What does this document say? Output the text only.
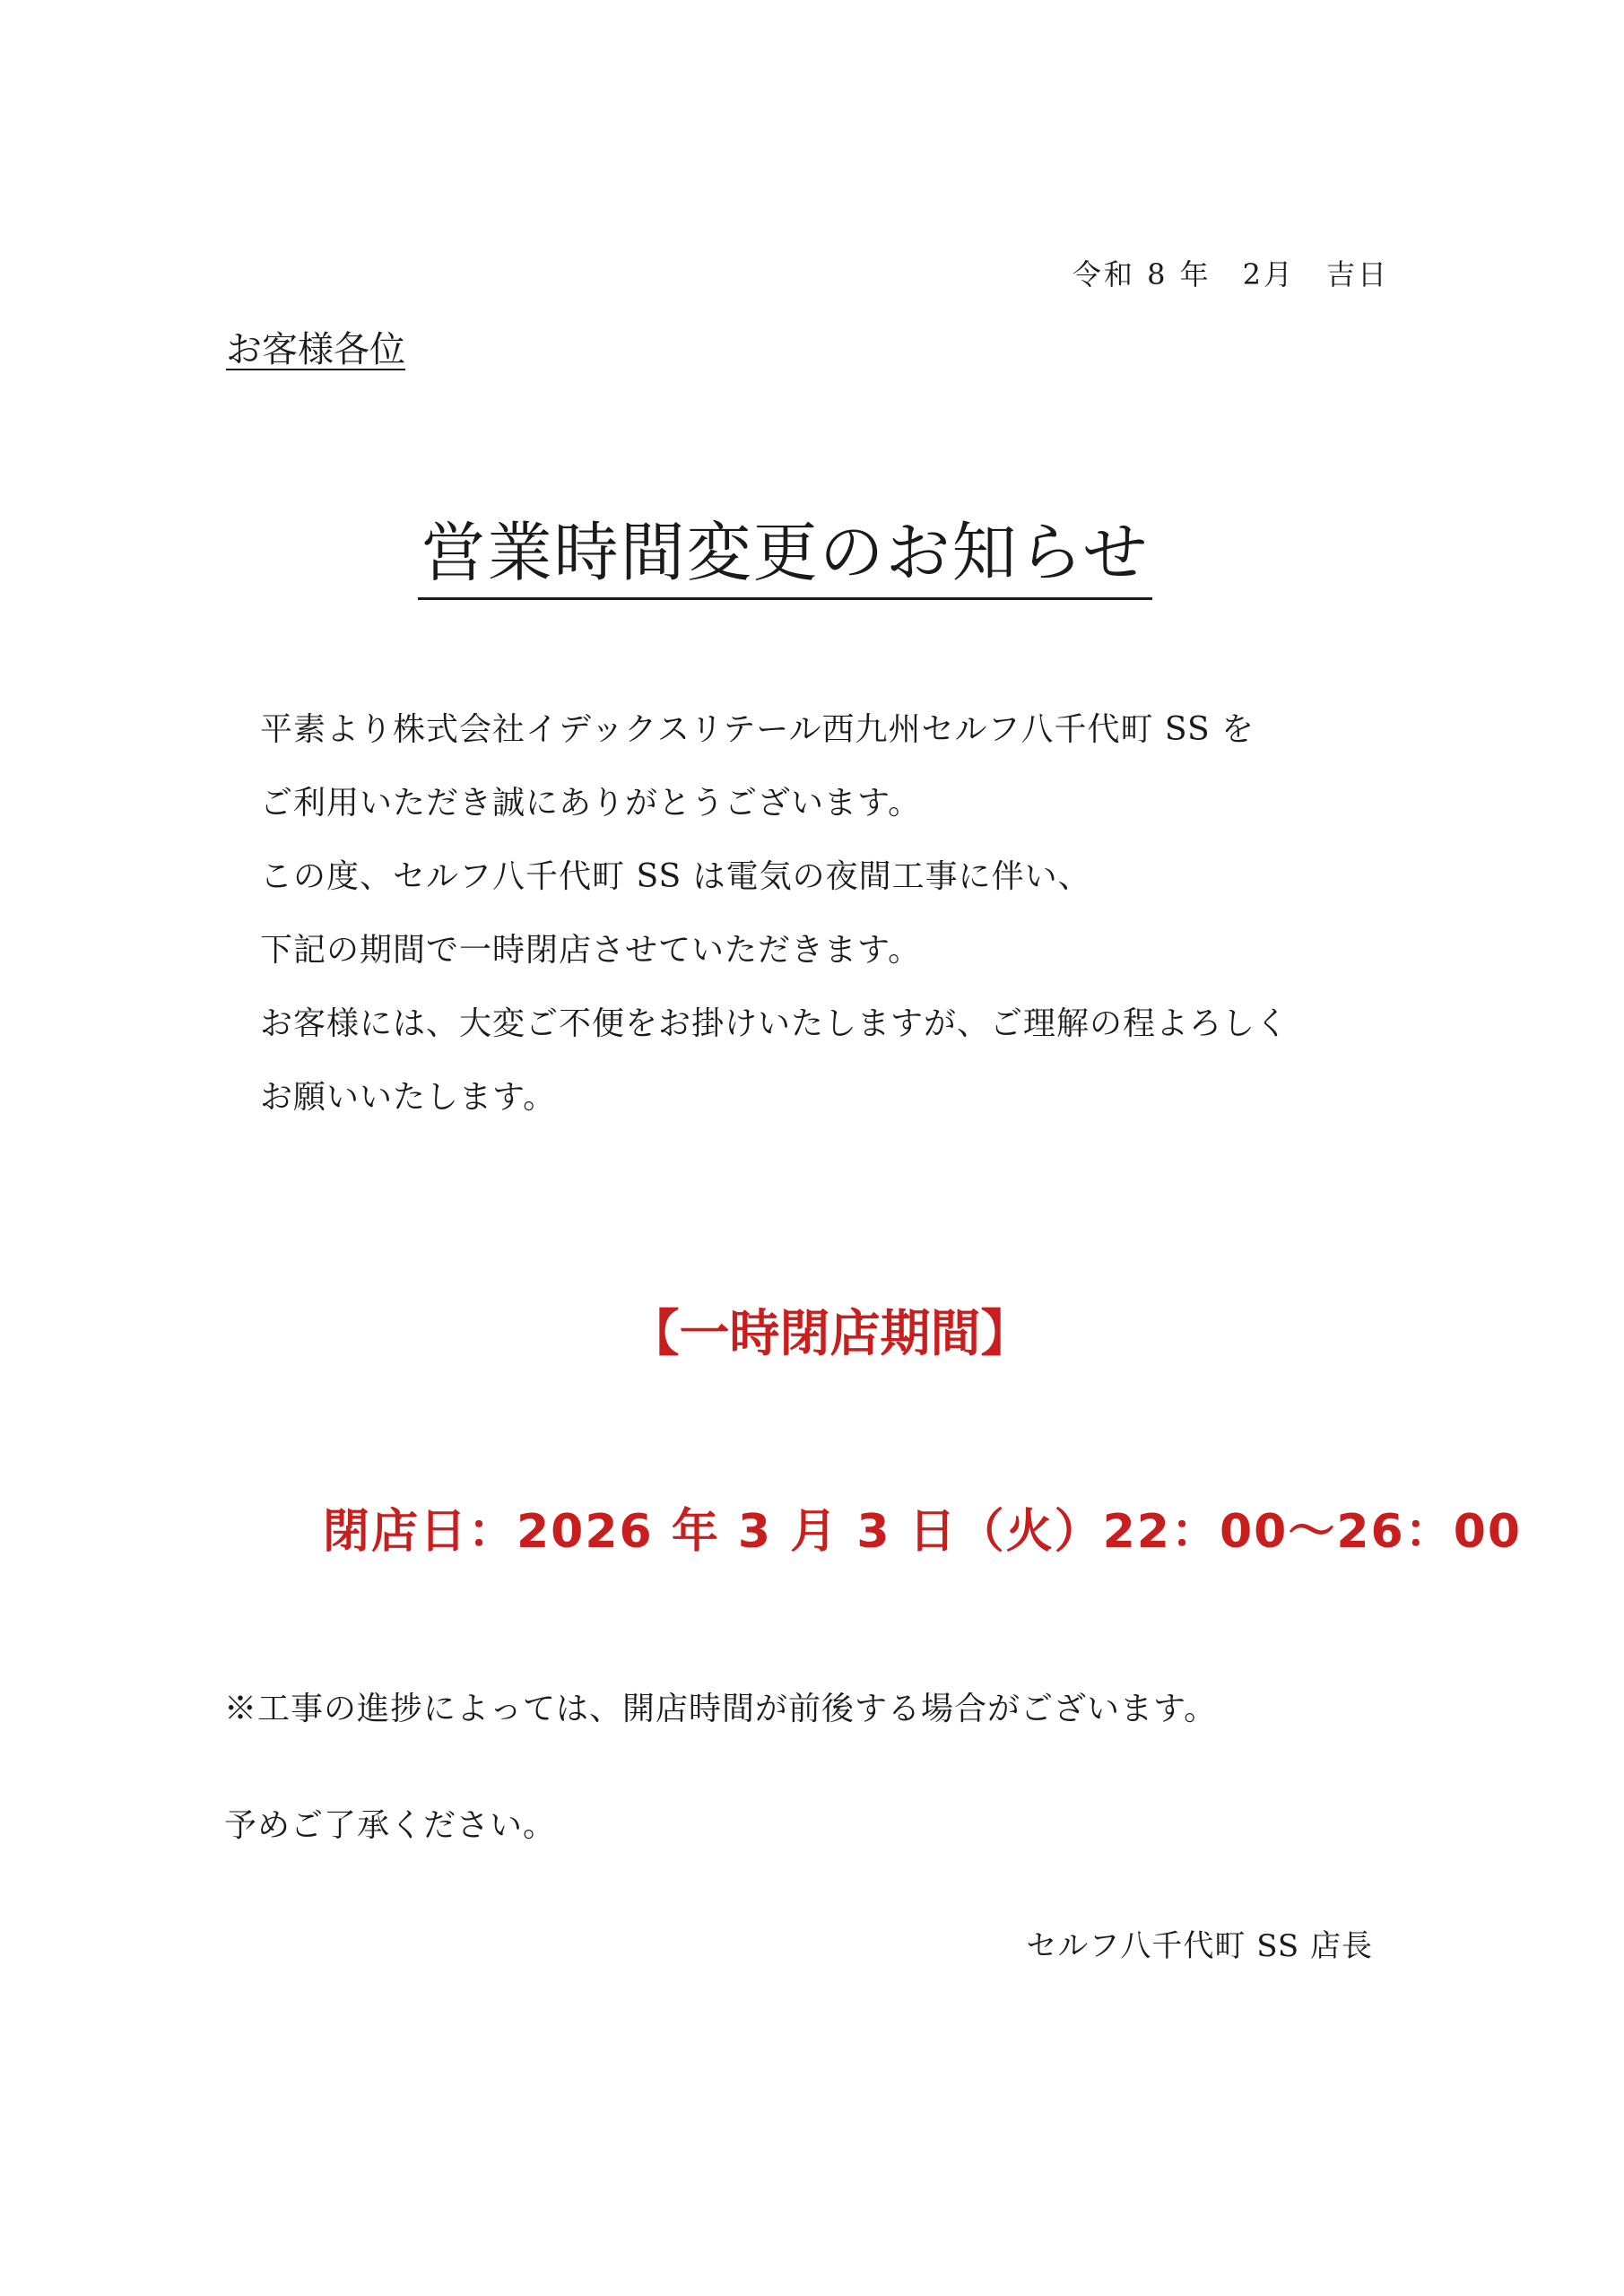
令和 8 年　2月　吉日
お客様各位
営業時間変更のお知らせ
平素より株式会社イデックスリテール西九州セルフ八千代町 SS を
ご利用いただき誠にありがとうございます。
この度、セルフ八千代町 SS は電気の夜間工事に伴い、
下記の期間で一時閉店させていただきます。
お客様には、大変ご不便をお掛けいたしますが、ご理解の程よろしく
お願いいたします。
【一時閉店期間】
閉店日：2026 年 3 月 3 日（火）22：00～26：00
※工事の進捗によっては、開店時間が前後する場合がございます。
予めご了承ください。
セルフ八千代町 SS 店長
